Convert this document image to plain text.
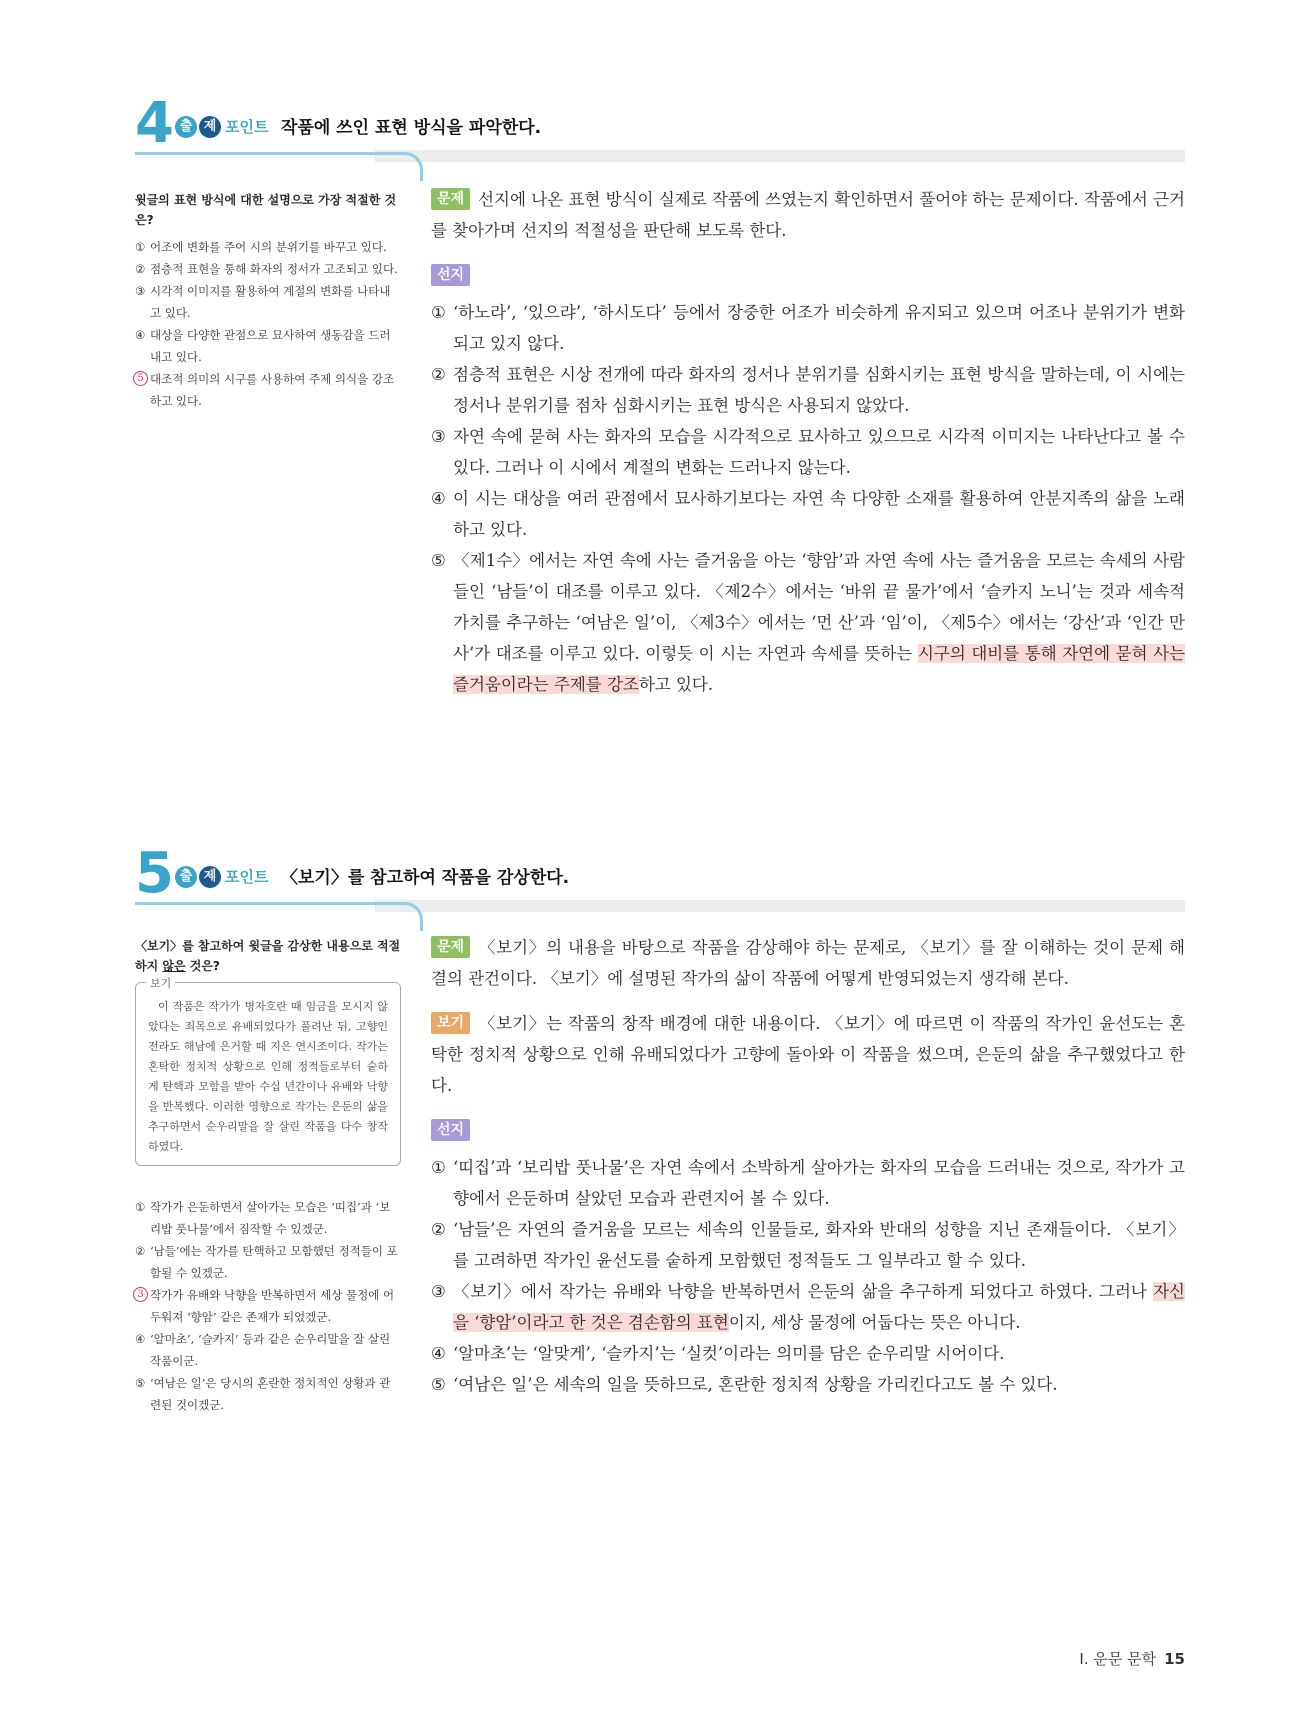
4 출 제 포인트 작품에 쓰인 표현 방식을 파악한다.
윗글의 표현 방식에 대한 설명으로 가장 적절한 것은?
① 어조에 변화를 주어 시의 분위기를 바꾸고 있다.
② 점층적 표현을 통해 화자의 정서가 고조되고 있다.
③ 시각적 이미지를 활용하여 계절의 변화를 나타내고 있다.
④ 대상을 다양한 관점으로 묘사하여 생동감을 드러내고 있다.
5 대조적 의미의 시구를 사용하여 주제 의식을 강조하고 있다.
문제 선지에 나온 표현 방식이 실제로 작품에 쓰였는지 확인하면서 풀어야 하는 문제이다. 작품에서 근거를 찾아가며 선지의 적절성을 판단해 보도록 한다.
선지
① ‘하노라’, ‘있으랴’, ‘하시도다’ 등에서 장중한 어조가 비슷하게 유지되고 있으며 어조나 분위기가 변화되고 있지 않다.
② 점층적 표현은 시상 전개에 따라 화자의 정서나 분위기를 심화시키는 표현 방식을 말하는데, 이 시에는 정서나 분위기를 점차 심화시키는 표현 방식은 사용되지 않았다.
③ 자연 속에 묻혀 사는 화자의 모습을 시각적으로 묘사하고 있으므로 시각적 이미지는 나타난다고 볼 수 있다. 그러나 이 시에서 계절의 변화는 드러나지 않는다.
④ 이 시는 대상을 여러 관점에서 묘사하기보다는 자연 속 다양한 소재를 활용하여 안분지족의 삶을 노래하고 있다.
⑤ 〈제1수〉에서는 자연 속에 사는 즐거움을 아는 ‘향암’과 자연 속에 사는 즐거움을 모르는 속세의 사람들인 ‘남들’이 대조를 이루고 있다. 〈제2수〉에서는 ‘바위 끝 물가’에서 ‘슬카지 노니’는 것과 세속적 가치를 추구하는 ‘여남은 일’이, 〈제3수〉에서는 ‘먼 산’과 ‘임’이, 〈제5수〉에서는 ‘강산’과 ‘인간 만사’가 대조를 이루고 있다. 이렇듯 이 시는 자연과 속세를 뜻하는 시구의 대비를 통해 자연에 묻혀 사는 즐거움이라는 주제를 강조하고 있다.
5 출 제 포인트 〈보기〉를 참고하여 작품을 감상한다.
〈보기〉를 참고하여 윗글을 감상한 내용으로 적절하지 않은 것은?
보기
이 작품은 작가가 병자호란 때 임금을 모시지 않았다는 죄목으로 유배되었다가 풀려난 뒤, 고향인 전라도 해남에 은거할 때 지은 연시조이다. 작가는 혼탁한 정치적 상황으로 인해 정적들로부터 숱하게 탄핵과 모함을 받아 수십 년간이나 유배와 낙향을 반복했다. 이러한 영향으로 작가는 은둔의 삶을 추구하면서 순우리말을 잘 살린 작품을 다수 창작하였다.
① 작가가 은둔하면서 살아가는 모습은 ‘띠집’과 ‘보리밥 풋나물’에서 짐작할 수 있겠군.
② ‘남들’에는 작가를 탄핵하고 모함했던 정적들이 포함될 수 있겠군.
3 작가가 유배와 낙향을 반복하면서 세상 물정에 어두워져 ‘향암’ 같은 존재가 되었겠군.
④ ‘알마초’, ‘슬카지’ 등과 같은 순우리말을 잘 살린 작품이군.
⑤ ‘여남은 일’은 당시의 혼란한 정치적인 상황과 관련된 것이겠군.
문제 〈보기〉의 내용을 바탕으로 작품을 감상해야 하는 문제로, 〈보기〉를 잘 이해하는 것이 문제 해결의 관건이다. 〈보기〉에 설명된 작가의 삶이 작품에 어떻게 반영되었는지 생각해 본다.
보기 〈보기〉는 작품의 창작 배경에 대한 내용이다. 〈보기〉에 따르면 이 작품의 작가인 윤선도는 혼탁한 정치적 상황으로 인해 유배되었다가 고향에 돌아와 이 작품을 썼으며, 은둔의 삶을 추구했었다고 한다.
선지
① ‘띠집’과 ‘보리밥 풋나물’은 자연 속에서 소박하게 살아가는 화자의 모습을 드러내는 것으로, 작가가 고향에서 은둔하며 살았던 모습과 관련지어 볼 수 있다.
② ‘남들’은 자연의 즐거움을 모르는 세속의 인물들로, 화자와 반대의 성향을 지닌 존재들이다. 〈보기〉를 고려하면 작가인 윤선도를 숱하게 모함했던 정적들도 그 일부라고 할 수 있다.
③ 〈보기〉에서 작가는 유배와 낙향을 반복하면서 은둔의 삶을 추구하게 되었다고 하였다. 그러나 자신을 ‘향암’이라고 한 것은 겸손함의 표현이지, 세상 물정에 어둡다는 뜻은 아니다.
④ ‘알마초’는 ‘알맞게’, ‘슬카지’는 ‘실컷’이라는 의미를 담은 순우리말 시어이다.
⑤ ‘여남은 일’은 세속의 일을 뜻하므로, 혼란한 정치적 상황을 가리킨다고도 볼 수 있다.
Ⅰ. 운문 문학 15
